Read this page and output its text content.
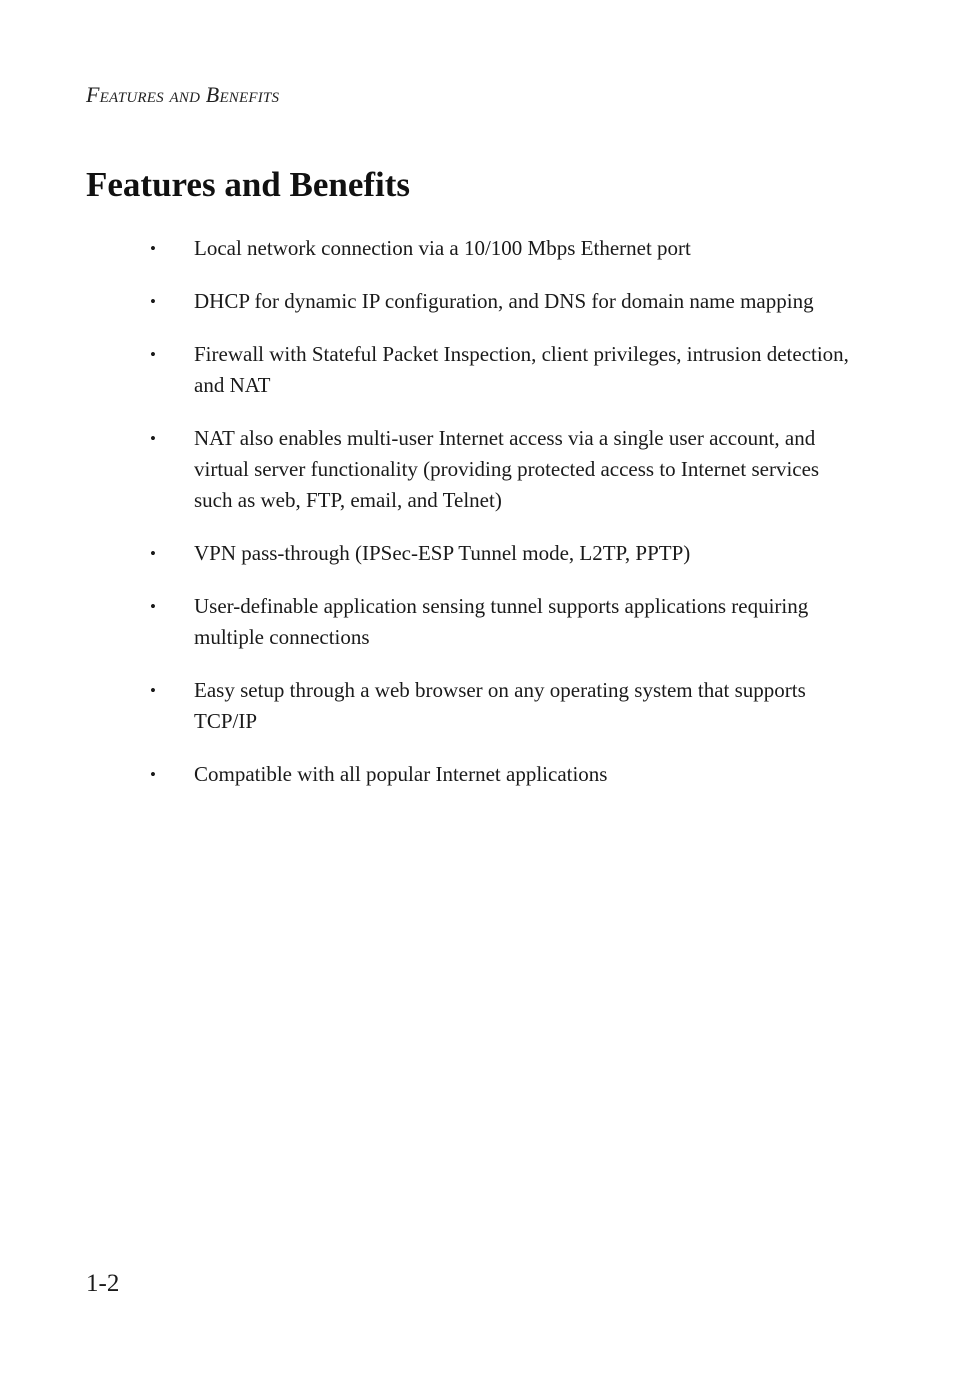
Features and Benefits
Features and Benefits
• Local network connection via a 10/100 Mbps Ethernet port
• DHCP for dynamic IP configuration, and DNS for domain name mapping
• Firewall with Stateful Packet Inspection, client privileges, intrusion detection, and NAT
• NAT also enables multi-user Internet access via a single user account, and virtual server functionality (providing protected access to Internet services such as web, FTP, email, and Telnet)
• VPN pass-through (IPSec-ESP Tunnel mode, L2TP, PPTP)
• User-definable application sensing tunnel supports applications requiring multiple connections
• Easy setup through a web browser on any operating system that supports TCP/IP
• Compatible with all popular Internet applications
1-2
